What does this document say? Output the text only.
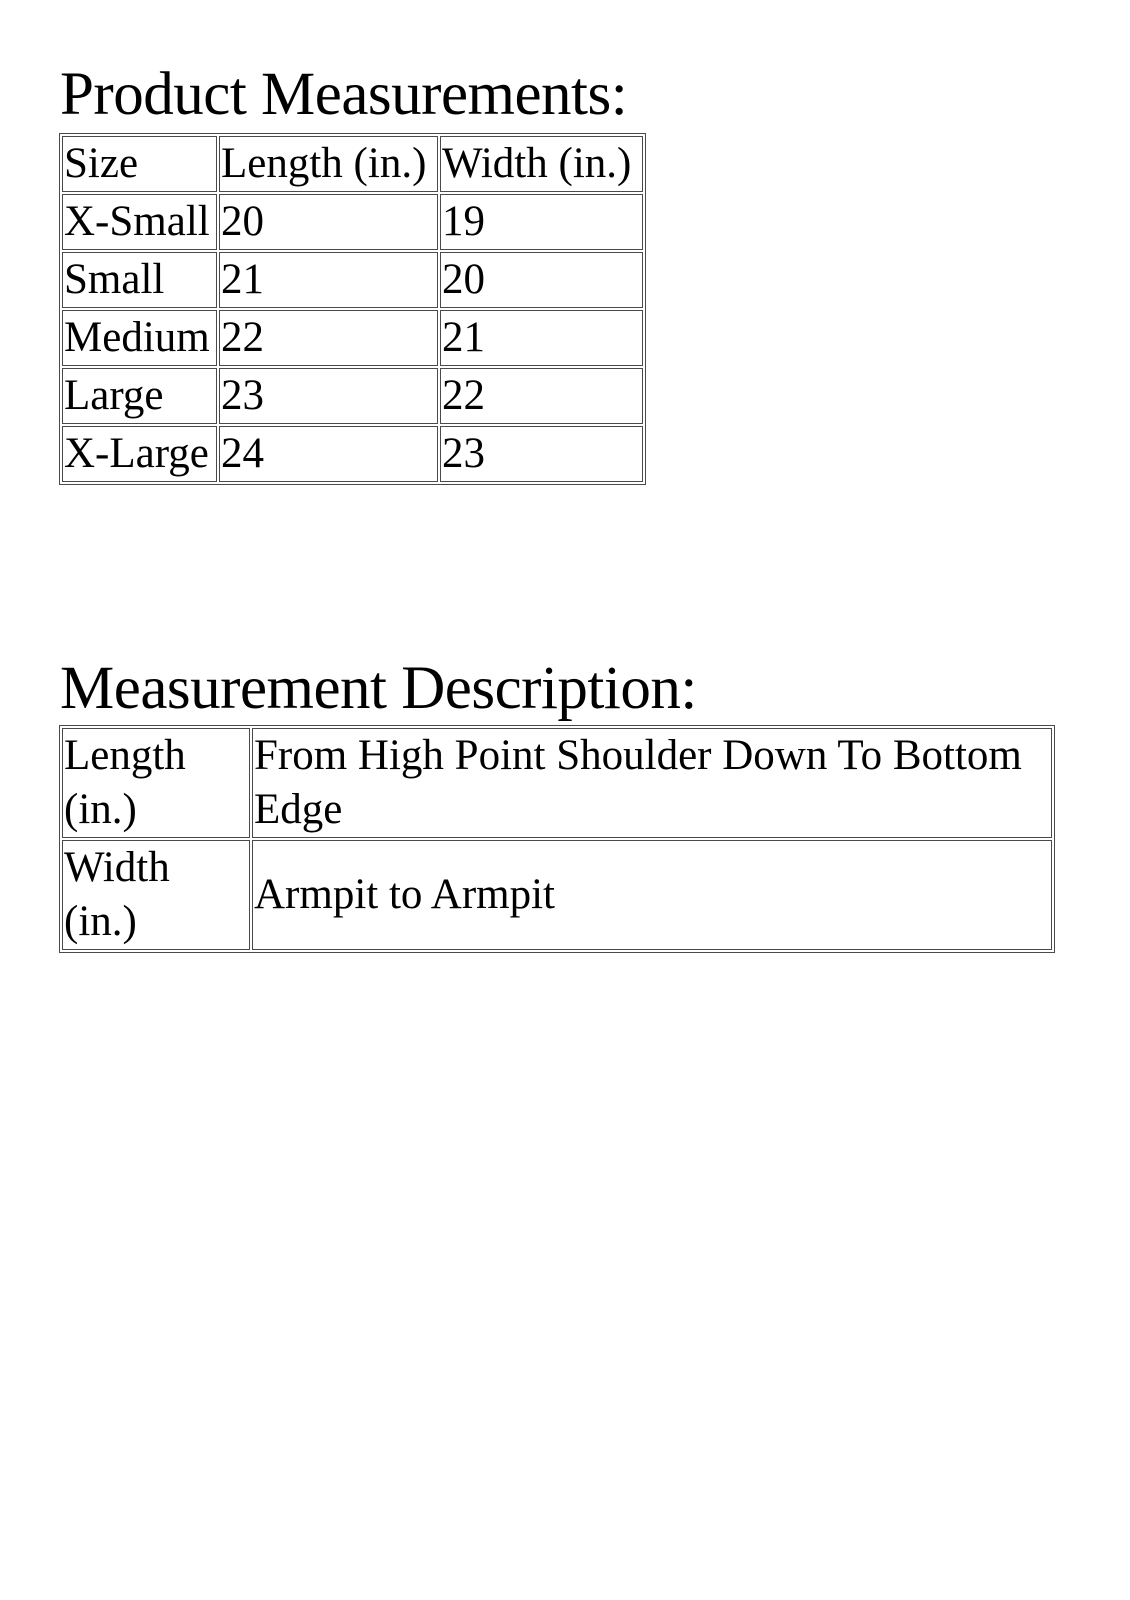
Product Measurements:
Size	Length (in.)	Width (in.)
X-Small	20	19
Small	21	20
Medium	22	21
Large	23	22
X-Large	24	23
Measurement Description:
Length (in.)	From High Point Shoulder Down To Bottom Edge
Width (in.)	Armpit to Armpit
